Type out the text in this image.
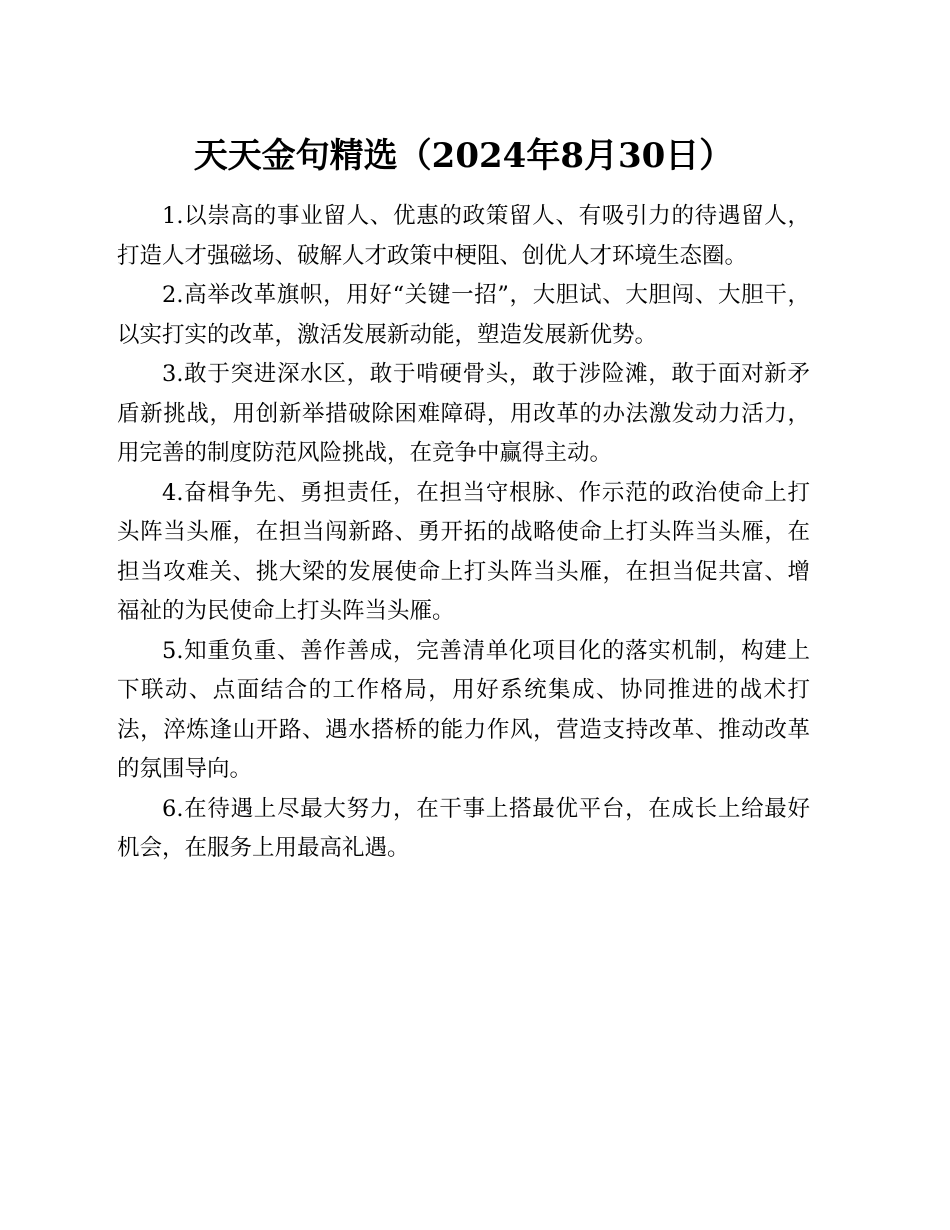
天天金句精选（2024年8月30日）

1.以崇高的事业留人、优惠的政策留人、有吸引力的待遇留人，打造人才强磁场、破解人才政策中梗阻、创优人才环境生态圈。

2.高举改革旗帜，用好“关键一招”，大胆试、大胆闯、大胆干，以实打实的改革，激活发展新动能，塑造发展新优势。

3.敢于突进深水区，敢于啃硬骨头，敢于涉险滩，敢于面对新矛盾新挑战，用创新举措破除困难障碍，用改革的办法激发动力活力，用完善的制度防范风险挑战，在竞争中赢得主动。

4.奋楫争先、勇担责任，在担当守根脉、作示范的政治使命上打头阵当头雁，在担当闯新路、勇开拓的战略使命上打头阵当头雁，在担当攻难关、挑大梁的发展使命上打头阵当头雁，在担当促共富、增福祉的为民使命上打头阵当头雁。

5.知重负重、善作善成，完善清单化项目化的落实机制，构建上下联动、点面结合的工作格局，用好系统集成、协同推进的战术打法，淬炼逢山开路、遇水搭桥的能力作风，营造支持改革、推动改革的氛围导向。

6.在待遇上尽最大努力，在干事上搭最优平台，在成长上给最好机会，在服务上用最高礼遇。
